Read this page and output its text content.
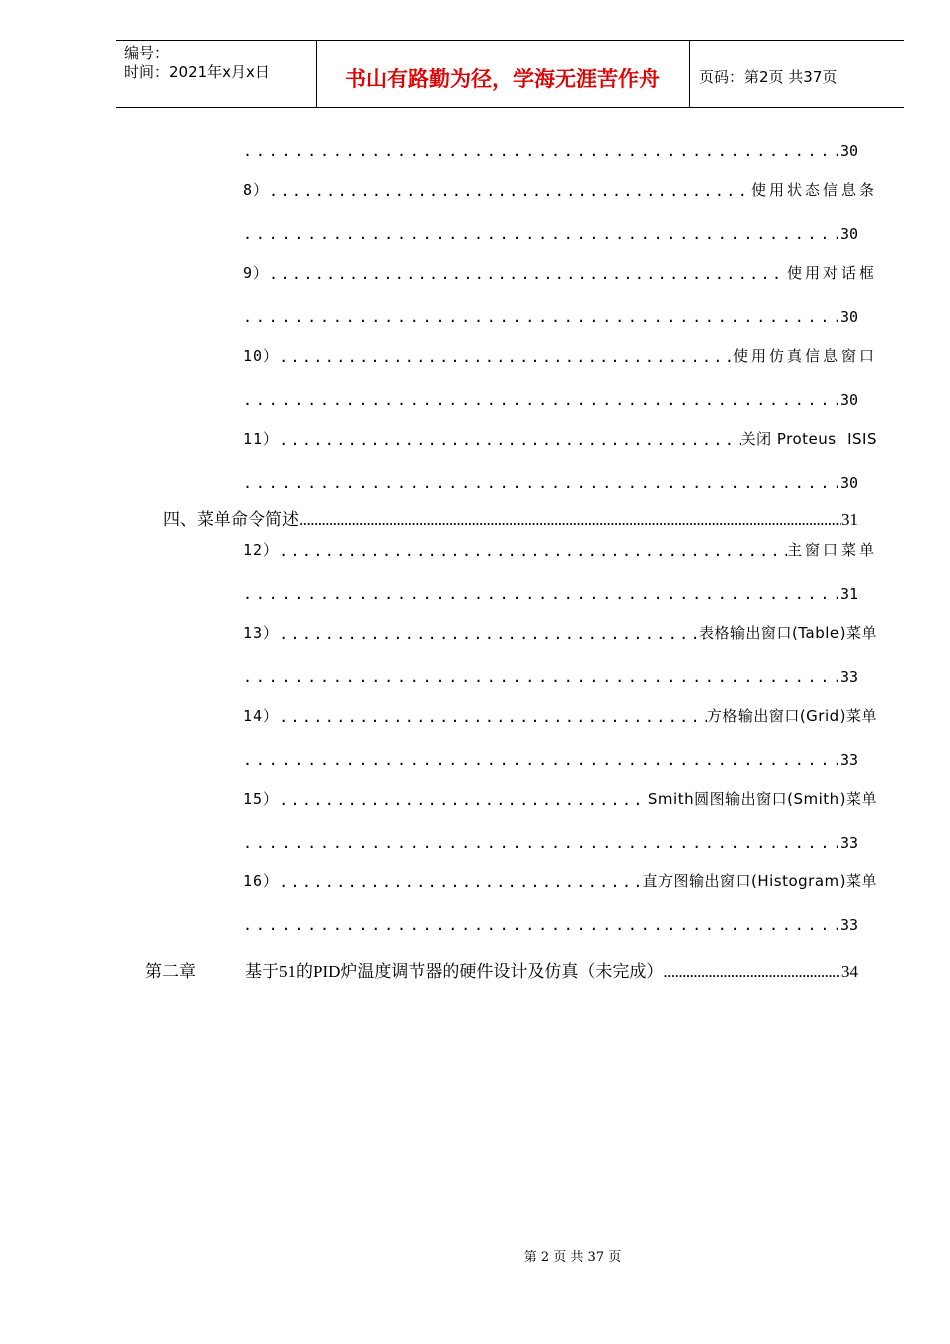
编号：
时间：2021年x月x日	书山有路勤为径，学海无涯苦作舟	页码：第2页 共37页
.....
30
8） .....	使用状态信息条
.....
30
9） .....	使用对话框
.....
30
10） .....	使用仿真信息窗口
.....
30
11） .....	关闭 Proteus  ISIS
.....
30
四、菜单命令简述 .....	31
12） .....	主窗口菜单
.....
31
13） .....	表格输出窗口(Table)菜单
.....
33
14） .....	方格输出窗口(Grid)菜单
.....
33
15） .....	Smith圆图输出窗口(Smith)菜单
.....
33
16） .....	直方图输出窗口(Histogram)菜单
.....
33
第二章	基于51的PID炉温度调节器的硬件设计及仿真（未完成） .....	34
第 2 页 共 37 页
